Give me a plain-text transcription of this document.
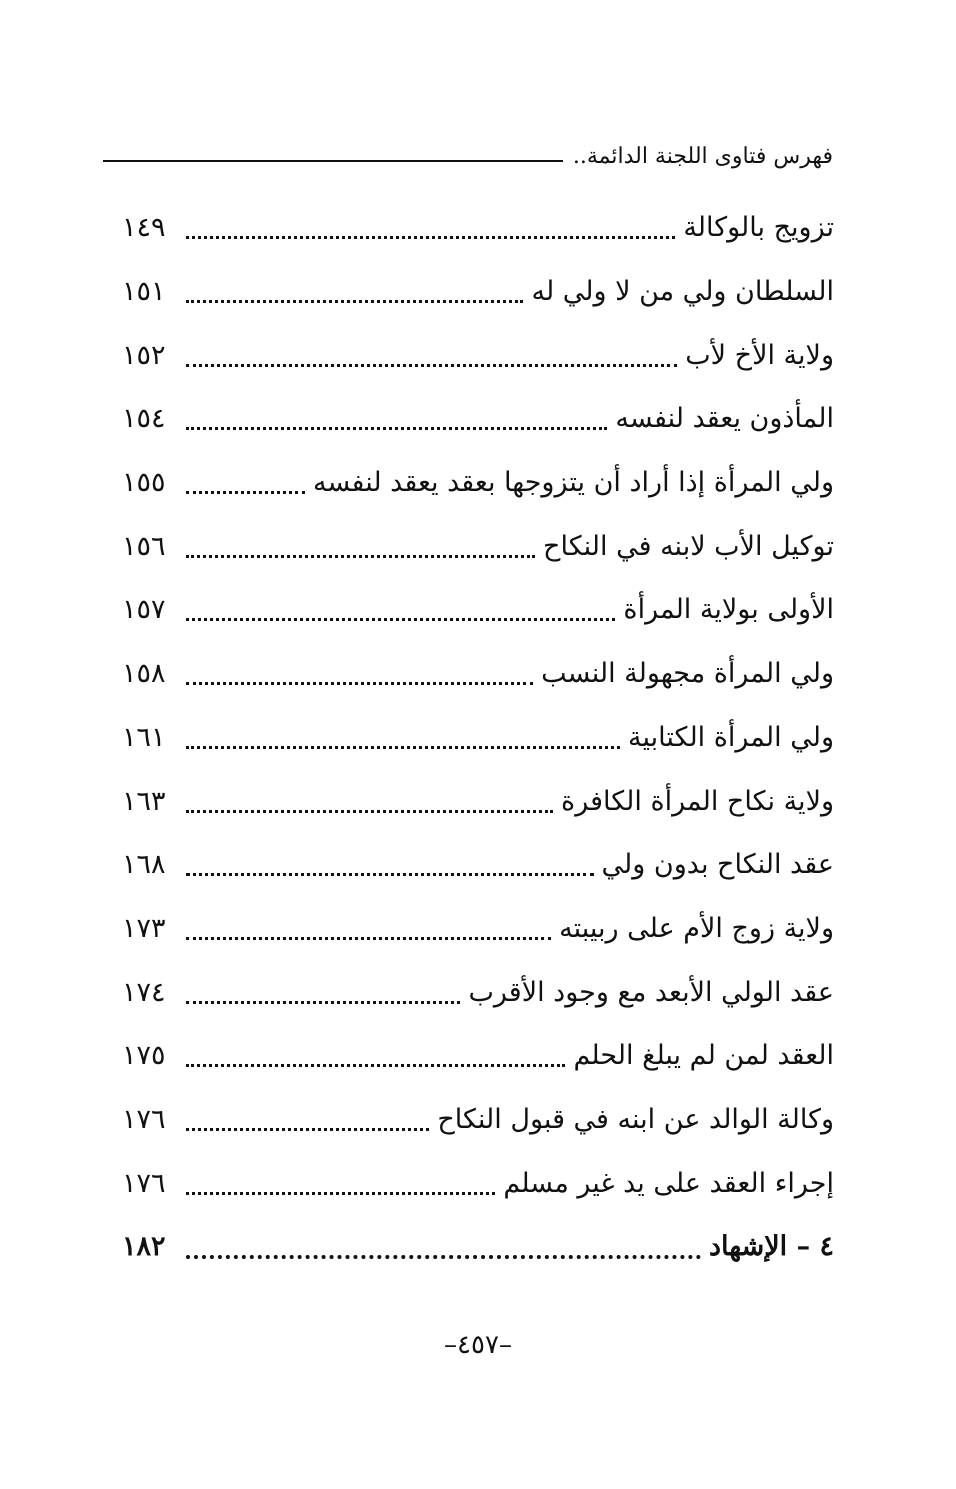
فهرس فتاوى اللجنة الدائمة..
تزويج بالوكالة
١٤٩
السلطان ولي من لا ولي له
١٥١
ولاية الأخ لأب
١٥٢
المأذون يعقد لنفسه
١٥٤
ولي المرأة إذا أراد أن يتزوجها بعقد يعقد لنفسه
١٥٥
توكيل الأب لابنه في النكاح
١٥٦
الأولى بولاية المرأة
١٥٧
ولي المرأة مجهولة النسب
١٥٨
ولي المرأة الكتابية
١٦١
ولاية نكاح المرأة الكافرة
١٦٣
عقد النكاح بدون ولي
١٦٨
ولاية زوج الأم على ربيبته
١٧٣
عقد الولي الأبعد مع وجود الأقرب
١٧٤
العقد لمن لم يبلغ الحلم
١٧٥
وكالة الوالد عن ابنه في قبول النكاح
١٧٦
إجراء العقد على يد غير مسلم
١٧٦
٤ – الإشهاد
١٨٢
–٤٥٧–
